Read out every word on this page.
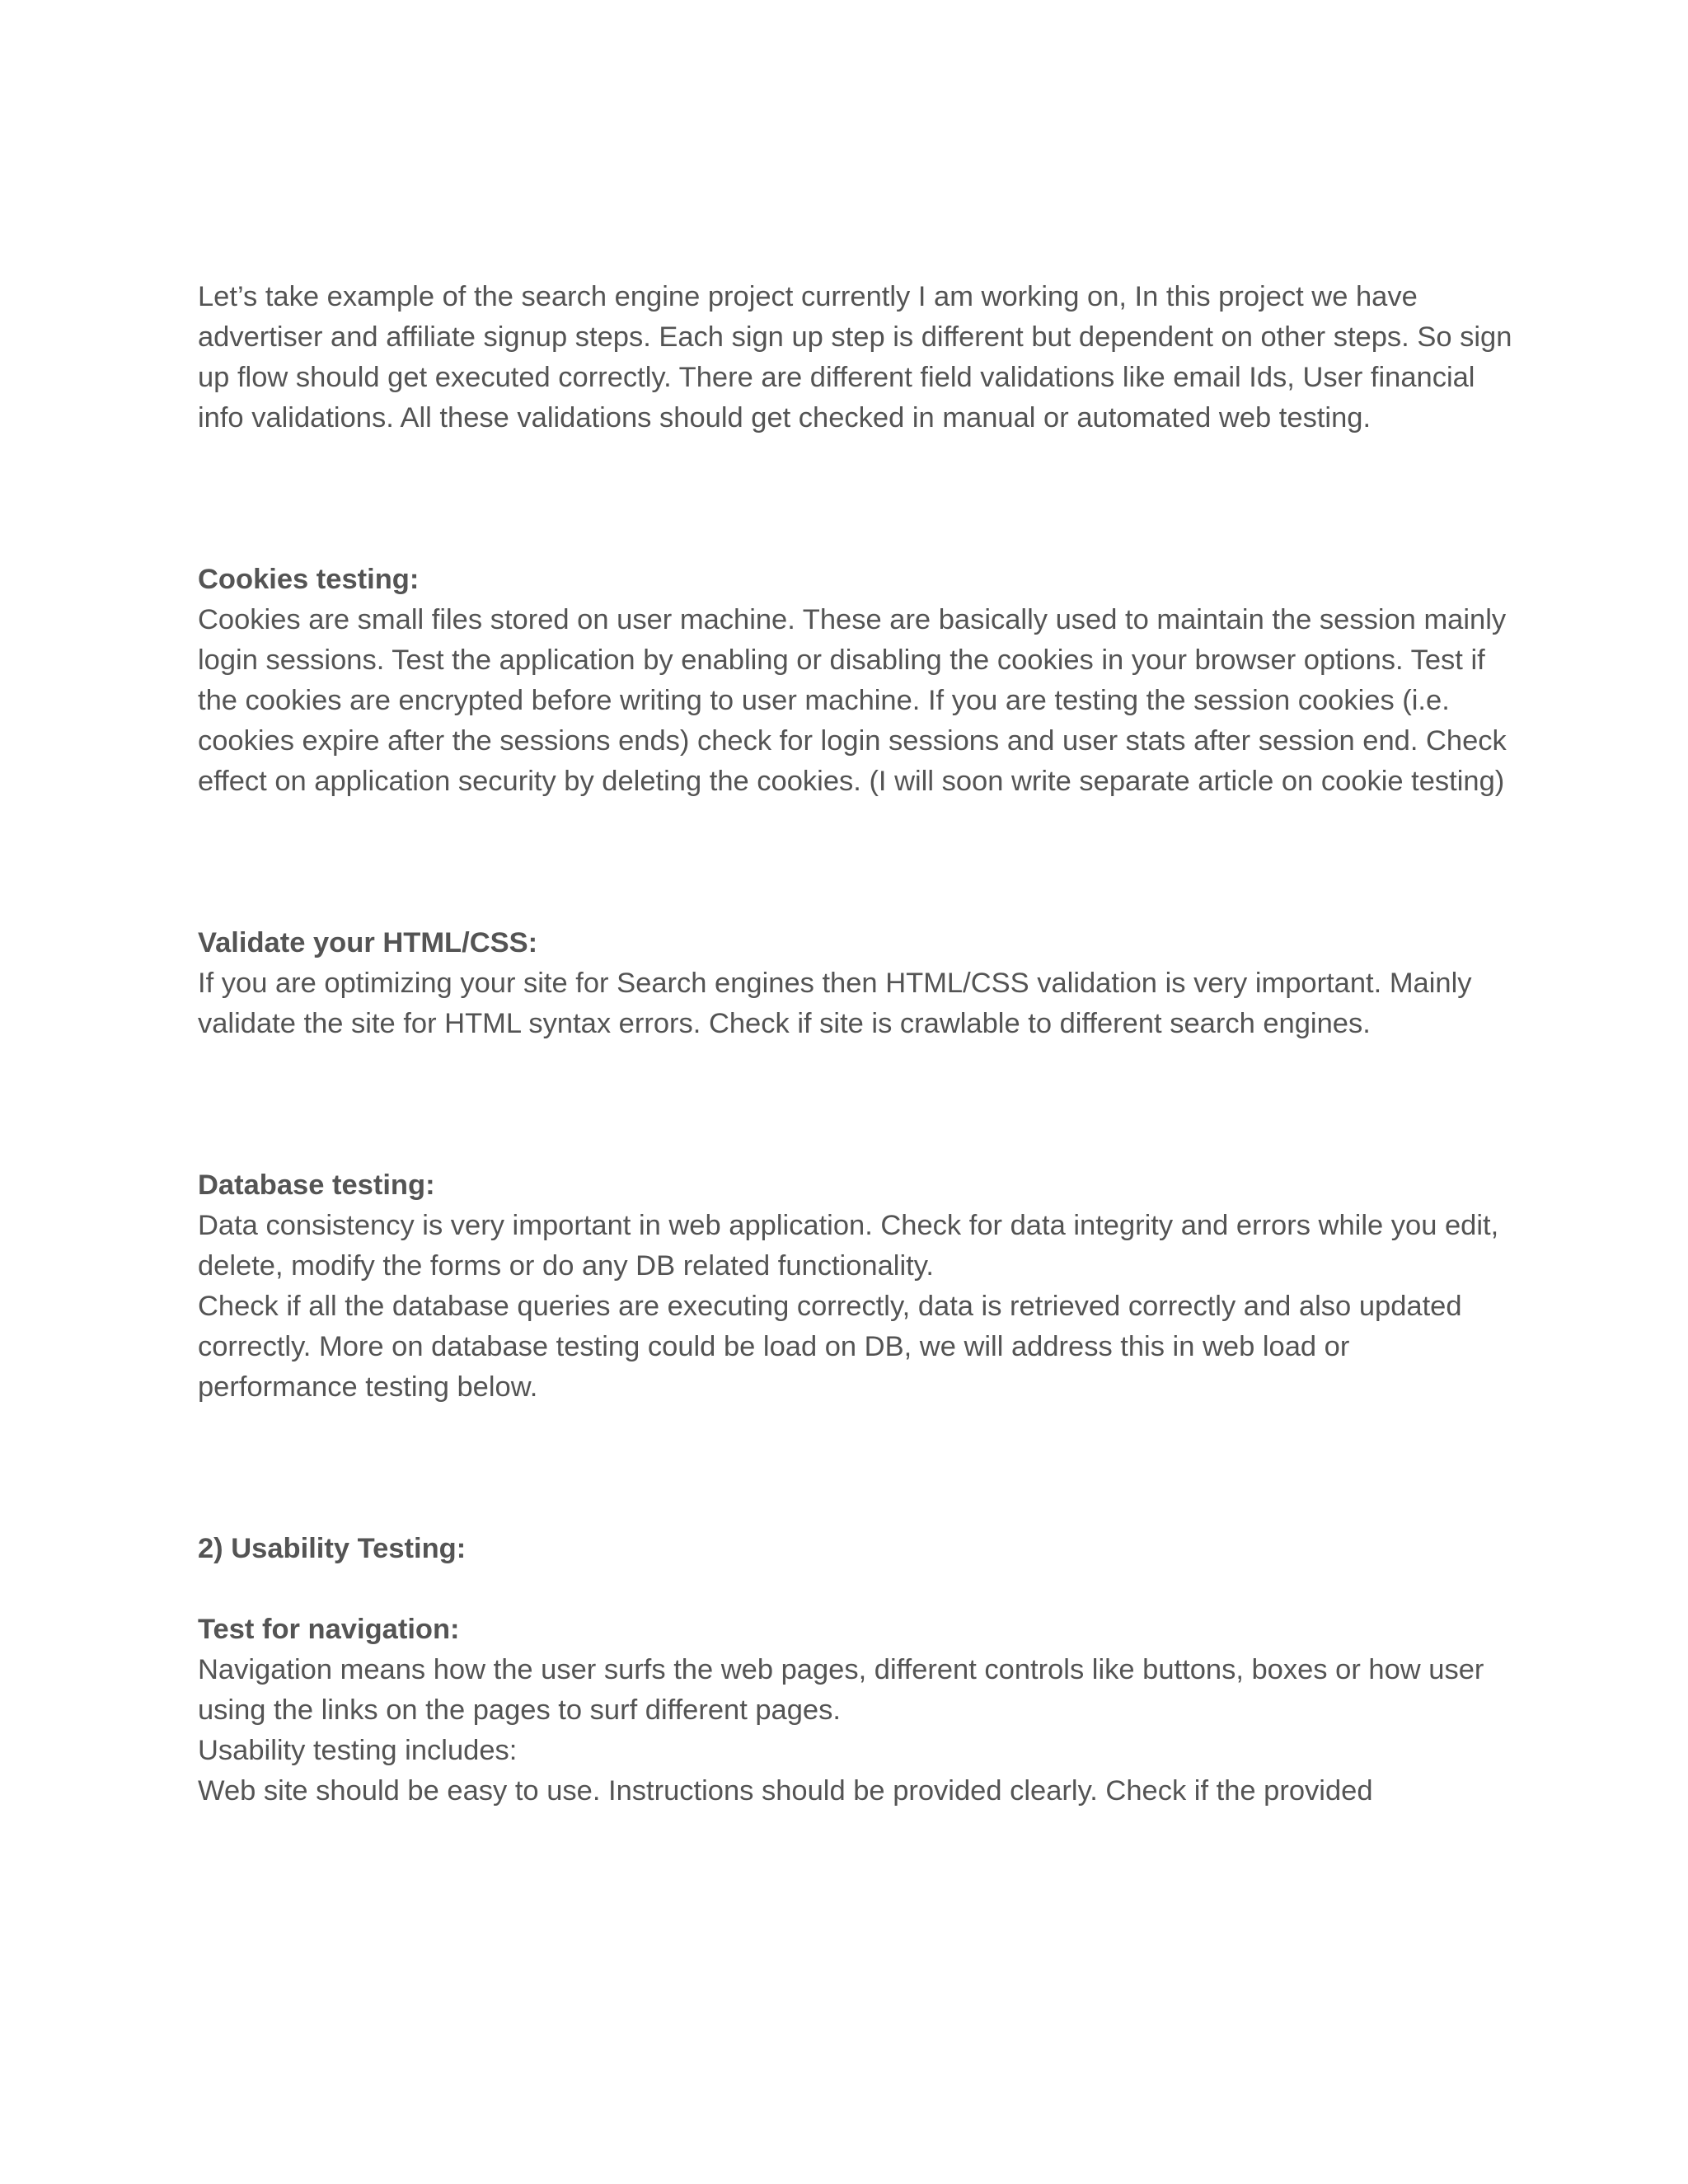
Let’s take example of the search engine project currently I am working on, In this project we have advertiser and affiliate signup steps. Each sign up step is different but dependent on other steps. So sign up flow should get executed correctly. There are different field validations like email Ids, User financial info validations. All these validations should get checked in manual or automated web testing.

Cookies testing:

Cookies are small files stored on user machine. These are basically used to maintain the session mainly login sessions. Test the application by enabling or disabling the cookies in your browser options. Test if the cookies are encrypted before writing to user machine. If you are testing the session cookies (i.e. cookies expire after the sessions ends) check for login sessions and user stats after session end. Check effect on application security by deleting the cookies. (I will soon write separate article on cookie testing)

Validate your HTML/CSS:

If you are optimizing your site for Search engines then HTML/CSS validation is very important. Mainly validate the site for HTML syntax errors. Check if site is crawlable to different search engines.

Database testing:

Data consistency is very important in web application. Check for data integrity and errors while you edit, delete, modify the forms or do any DB related functionality.

Check if all the database queries are executing correctly, data is retrieved correctly and also updated correctly. More on database testing could be load on DB, we will address this in web load or performance testing below.

2) Usability Testing:

Test for navigation:

Navigation means how the user surfs the web pages, different controls like buttons, boxes or how user using the links on the pages to surf different pages.

Usability testing includes:

Web site should be easy to use. Instructions should be provided clearly. Check if the provided
